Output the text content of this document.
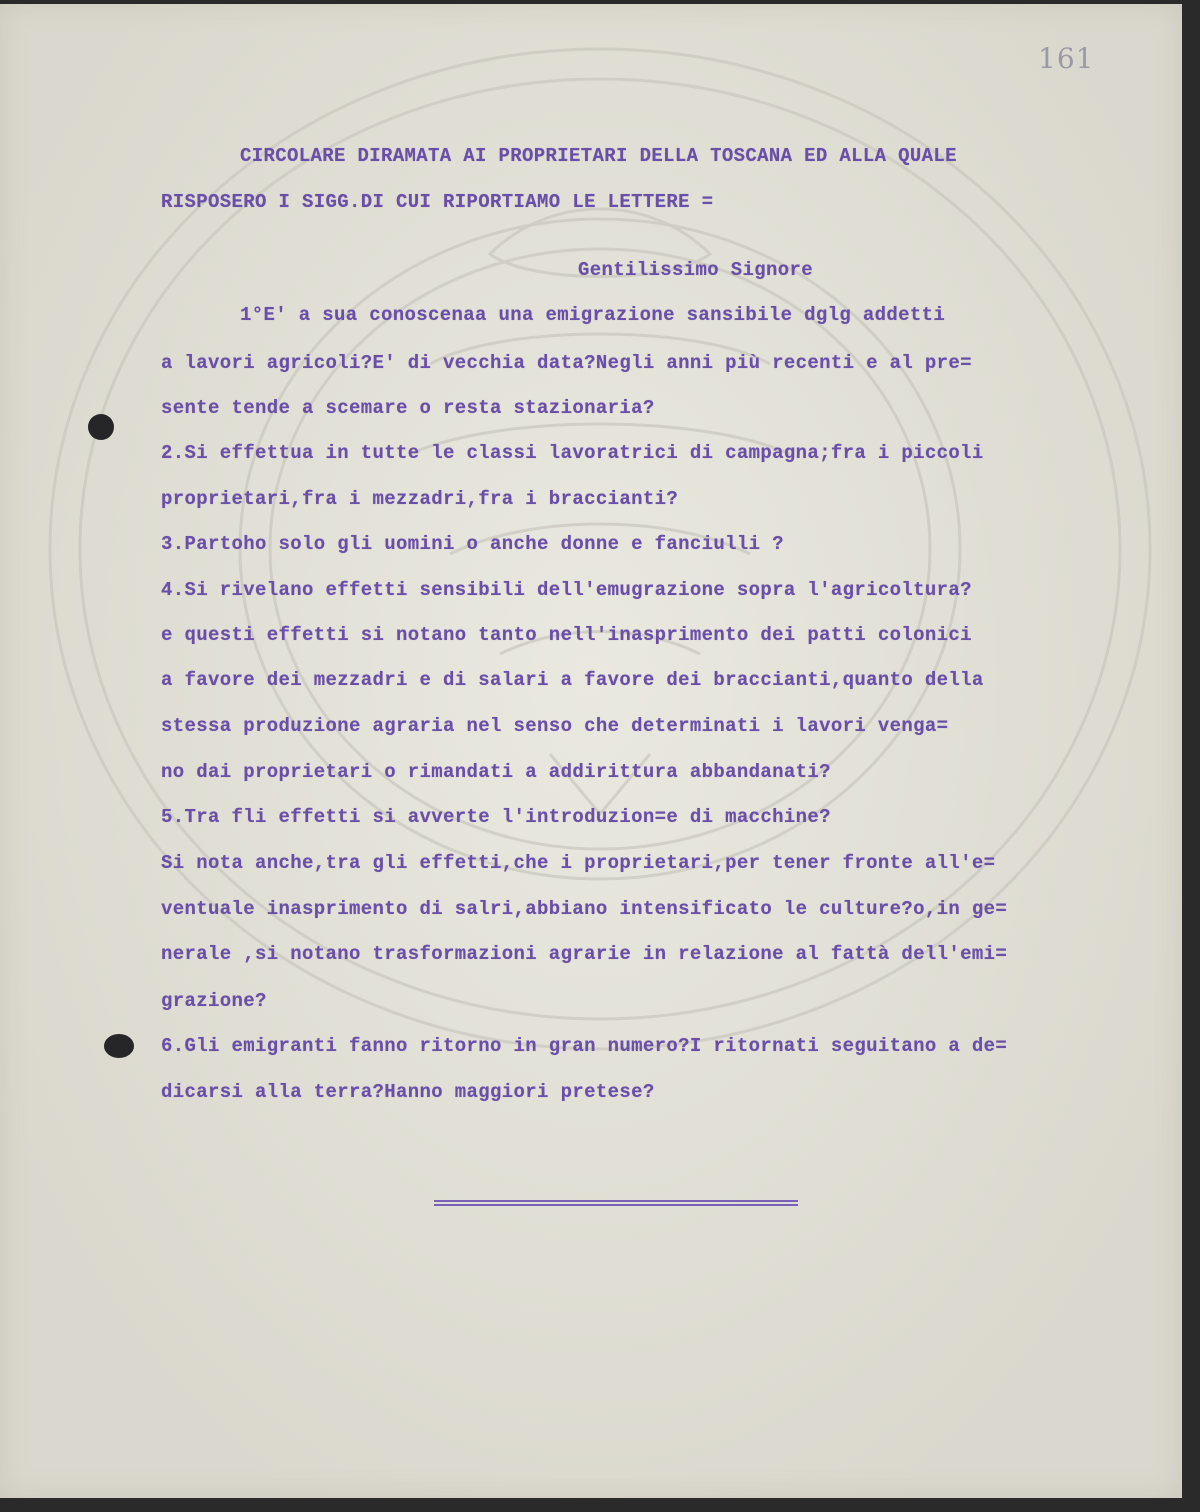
161
CIRCOLARE DIRAMATA AI PROPRIETARI DELLA TOSCANA ED ALLA QUALE
RISPOSERO I SIGG.DI CUI RIPORTIAMO LE LETTERE =
Gentilissimo Signore
1°E' a sua conoscenaa una emigrazione sansibile dglg addetti
a lavori agricoli?E' di vecchia data?Negli anni più recenti e al pre=
sente tende a scemare o resta stazionaria?
2.Si effettua in tutte le classi lavoratrici di campagna;fra i piccoli
proprietari,fra i mezzadri,fra i braccianti?
3.Partoho solo gli uomini o anche donne e fanciulli ?
4.Si rivelano effetti sensibili dell'emugrazione sopra l'agricoltura?
e questi effetti si notano tanto nell'inasprimento dei patti colonici
a favore dei mezzadri e di salari a favore dei braccianti,quanto della
stessa produzione agraria nel senso che determinati i lavori venga=
no dai proprietari o rimandati a addirittura abbandanati?
5.Tra fli effetti si avverte l'introduzion=e di macchine?
Si nota anche,tra gli effetti,che i proprietari,per tener fronte all'e=
ventuale inasprimento di salri,abbiano intensificato le culture?o,in ge=
nerale ,si notano trasformazioni agrarie in relazione al fattà dell'emi=
grazione?
6.Gli emigranti fanno ritorno in gran numero?I ritornati seguitano a de=
dicarsi alla terra?Hanno maggiori pretese?
